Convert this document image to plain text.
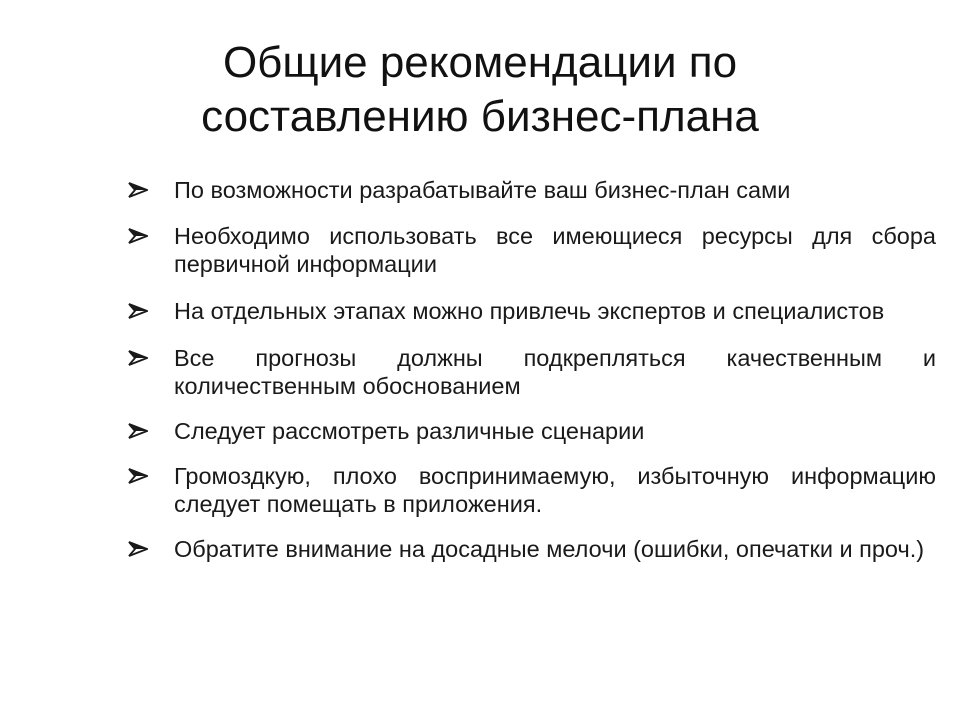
Общие рекомендации по составлению бизнес-плана
По возможности разрабатывайте ваш бизнес-план сами
Необходимо использовать все имеющиеся ресурсы для сбора первичной информации
На отдельных этапах можно привлечь экспертов и специалистов
Все прогнозы должны подкрепляться качественным и количественным обоснованием
Следует рассмотреть различные сценарии
Громоздкую, плохо воспринимаемую, избыточную информацию следует помещать в приложения.
Обратите внимание на досадные мелочи (ошибки, опечатки и проч.)
